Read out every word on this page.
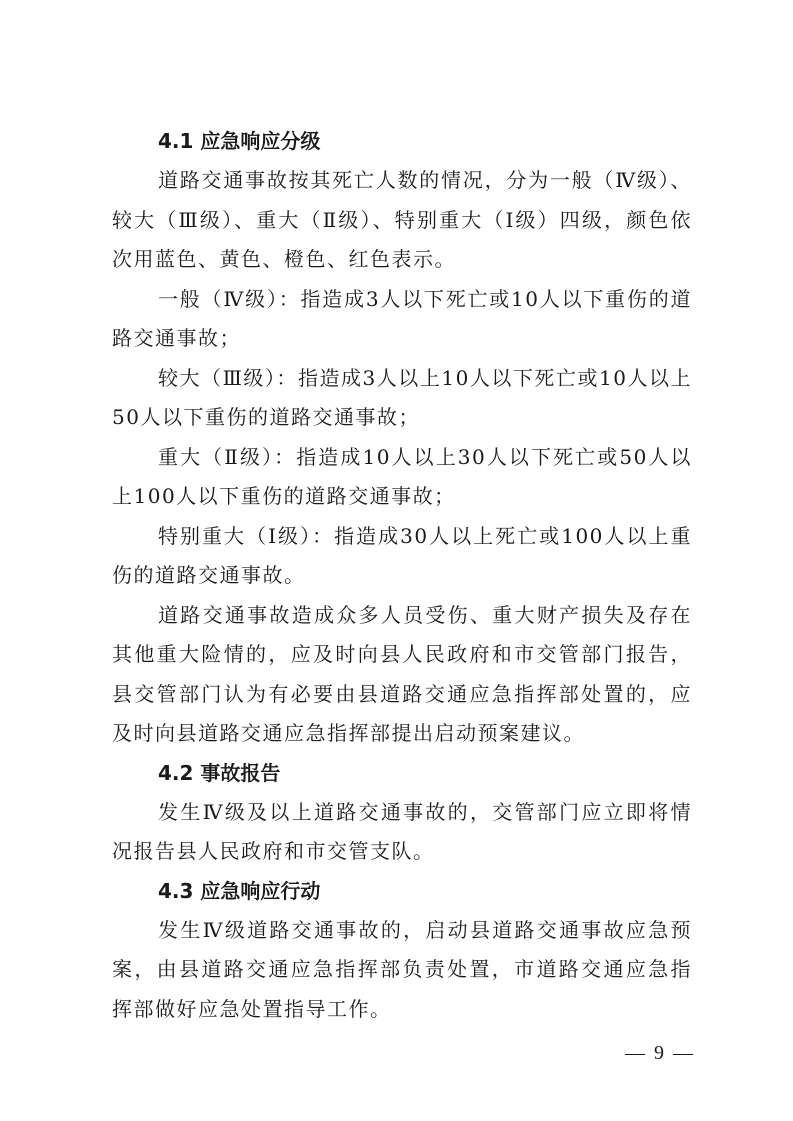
4.1 应急响应分级

道路交通事故按其死亡人数的情况，分为一般（Ⅳ级）、较大（Ⅲ级）、重大（Ⅱ级）、特别重大（Ⅰ级）四级，颜色依次用蓝色、黄色、橙色、红色表示。

一般（Ⅳ级）：指造成3人以下死亡或10人以下重伤的道路交通事故；

较大（Ⅲ级）：指造成3人以上10人以下死亡或10人以上50人以下重伤的道路交通事故；

重大（Ⅱ级）：指造成10人以上30人以下死亡或50人以上100人以下重伤的道路交通事故；

特别重大（Ⅰ级）：指造成30人以上死亡或100人以上重伤的道路交通事故。

道路交通事故造成众多人员受伤、重大财产损失及存在其他重大险情的，应及时向县人民政府和市交管部门报告，县交管部门认为有必要由县道路交通应急指挥部处置的，应及时向县道路交通应急指挥部提出启动预案建议。

4.2 事故报告

发生Ⅳ级及以上道路交通事故的，交管部门应立即将情况报告县人民政府和市交管支队。

4.3 应急响应行动

发生Ⅳ级道路交通事故的，启动县道路交通事故应急预案，由县道路交通应急指挥部负责处置，市道路交通应急指挥部做好应急处置指导工作。

— 9 —
